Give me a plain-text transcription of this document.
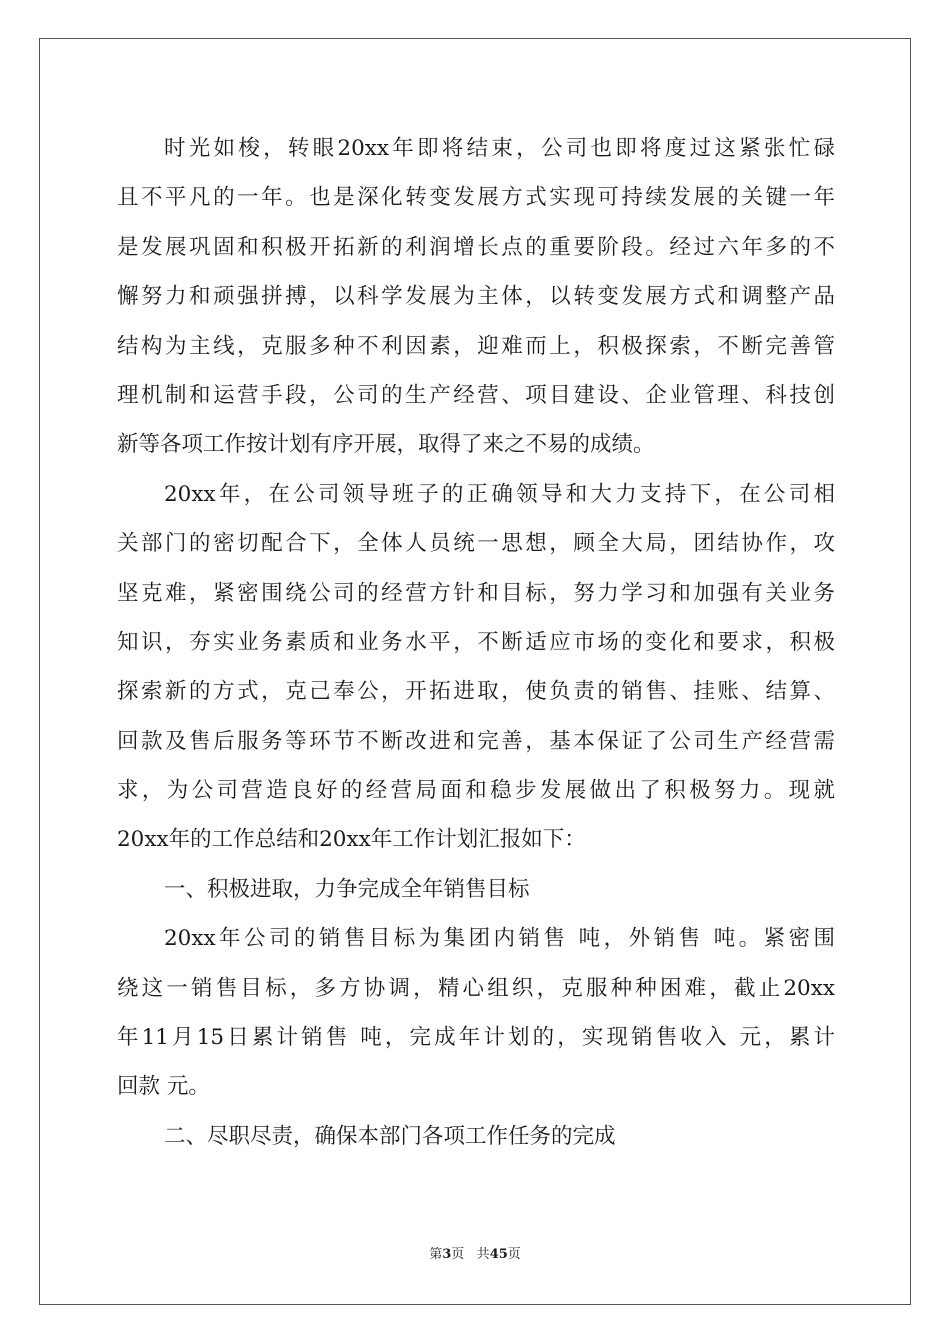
时光如梭，转眼20xx年即将结束，公司也即将度过这紧张忙碌
且不平凡的一年。也是深化转变发展方式实现可持续发展的关键一年
是发展巩固和积极开拓新的利润增长点的重要阶段。经过六年多的不
懈努力和顽强拼搏，以科学发展为主体，以转变发展方式和调整产品
结构为主线，克服多种不利因素，迎难而上，积极探索，不断完善管
理机制和运营手段，公司的生产经营、项目建设、企业管理、科技创
新等各项工作按计划有序开展，取得了来之不易的成绩。
20xx年，在公司领导班子的正确领导和大力支持下，在公司相
关部门的密切配合下，全体人员统一思想，顾全大局，团结协作，攻
坚克难，紧密围绕公司的经营方针和目标，努力学习和加强有关业务
知识，夯实业务素质和业务水平，不断适应市场的变化和要求，积极
探索新的方式，克己奉公，开拓进取，使负责的销售、挂账、结算、
回款及售后服务等环节不断改进和完善，基本保证了公司生产经营需
求，为公司营造良好的经营局面和稳步发展做出了积极努力。现就
20xx年的工作总结和20xx年工作计划汇报如下：
一、积极进取，力争完成全年销售目标
20xx年公司的销售目标为集团内销售 吨，外销售 吨。紧密围
绕这一销售目标，多方协调，精心组织，克服种种困难，截止20xx
年11月15日累计销售 吨，完成年计划的，实现销售收入 元，累计
回款 元。
二、尽职尽责，确保本部门各项工作任务的完成
第3页 共45页
